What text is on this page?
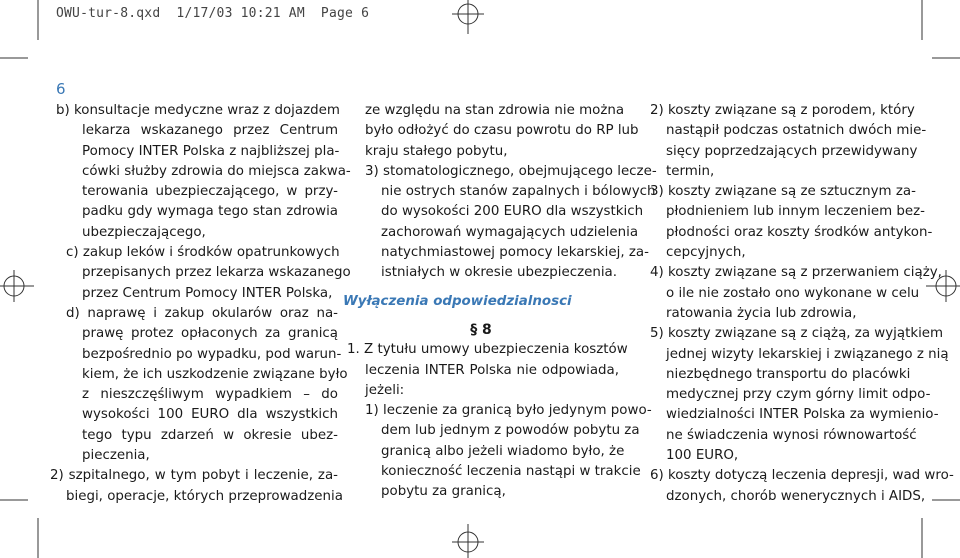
OWU-tur-8.qxd 1/17/03 10:21 AM Page 6
6
b) konsultacje medyczne wraz z dojazdem
lekarza wskazanego przez Centrum
Pomocy INTER Polska z najbliższej pla-
cówki służby zdrowia do miejsca zakwa-
terowania ubezpieczającego, w przy-
padku gdy wymaga tego stan zdrowia
ubezpieczającego,
c) zakup leków i środków opatrunkowych
przepisanych przez lekarza wskazanego
przez Centrum Pomocy INTER Polska,
d) naprawę i zakup okularów oraz na-
prawę protez opłaconych za granicą
bezpośrednio po wypadku, pod warun-
kiem, że ich uszkodzenie związane było
z nieszczęśliwym wypadkiem – do
wysokości 100 EURO dla wszystkich
tego typu zdarzeń w okresie ubez-
pieczenia,
2) szpitalnego, w tym pobyt i leczenie, za-
biegi, operacje, których przeprowadzenia
ze względu na stan zdrowia nie można
było odłożyć do czasu powrotu do RP lub
kraju stałego pobytu,
3) stomatologicznego, obejmującego lecze-
nie ostrych stanów zapalnych i bólowych
do wysokości 200 EURO dla wszystkich
zachorowań wymagających udzielenia
natychmiastowej pomocy lekarskiej, za-
istniałych w okresie ubezpieczenia.
Wyłączenia odpowiedzialnosci
§ 8
1. Z tytułu umowy ubezpieczenia kosztów
leczenia INTER Polska nie odpowiada,
jeżeli:
1) leczenie za granicą było jedynym powo-
dem lub jednym z powodów pobytu za
granicą albo jeżeli wiadomo było, że
konieczność leczenia nastąpi w trakcie
pobytu za granicą,
2) koszty związane są z porodem, który
nastąpił podczas ostatnich dwóch mie-
sięcy poprzedzających przewidywany
termin,
3) koszty związane są ze sztucznym za-
płodnieniem lub innym leczeniem bez-
płodności oraz koszty środków antykon-
cepcyjnych,
4) koszty związane są z przerwaniem ciąży,
o ile nie zostało ono wykonane w celu
ratowania życia lub zdrowia,
5) koszty związane są z ciążą, za wyjątkiem
jednej wizyty lekarskiej i związanego z nią
niezbędnego transportu do placówki
medycznej przy czym górny limit odpo-
wiedzialności INTER Polska za wymienio-
ne świadczenia wynosi równowartość
100 EURO,
6) koszty dotyczą leczenia depresji, wad wro-
dzonych, chorób wenerycznych i AIDS,
